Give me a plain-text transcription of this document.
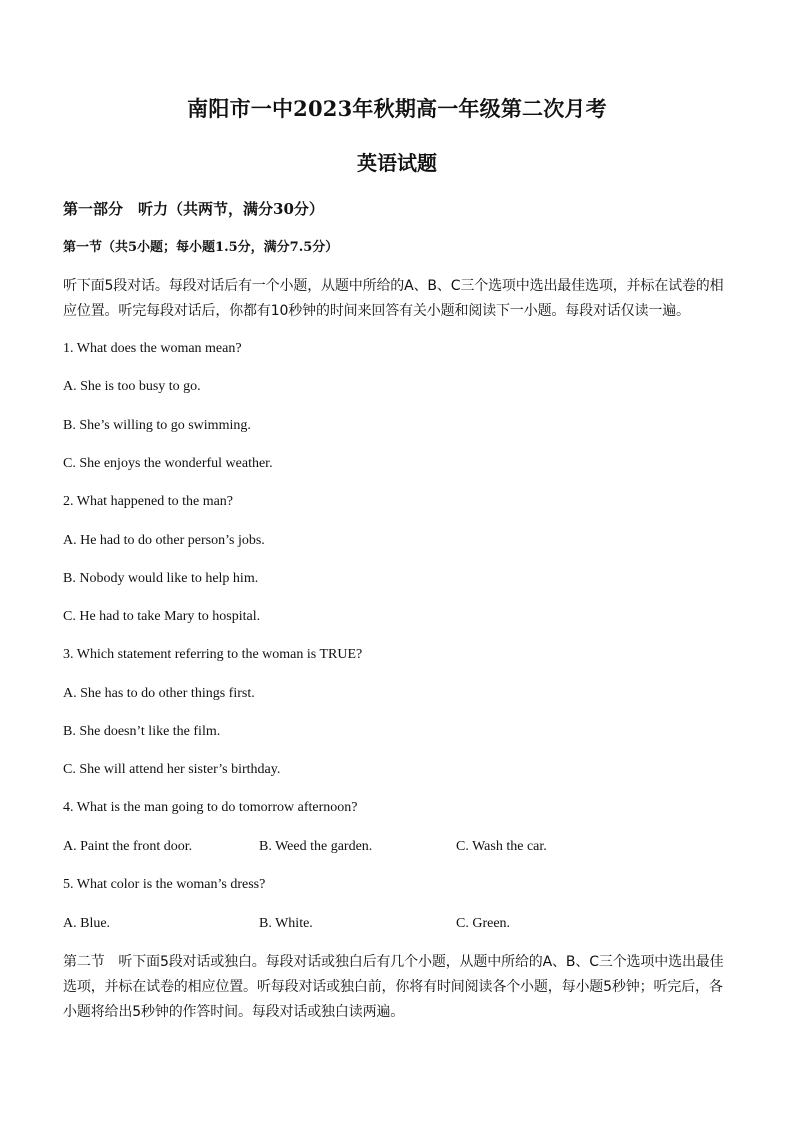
南阳市一中2023年秋期高一年级第二次月考
英语试题
第一部分　听力（共两节，满分30分）
第一节（共5小题；每小题1.5分，满分7.5分）
听下面5段对话。每段对话后有一个小题，从题中所给的A、B、C三个选项中选出最佳选项，并标在试卷的相
应位置。听完每段对话后，你都有10秒钟的时间来回答有关小题和阅读下一小题。每段对话仅读一遍。
1. What does the woman mean?
A. She is too busy to go.
B. She’s willing to go swimming.
C. She enjoys the wonderful weather.
2. What happened to the man?
A. He had to do other person’s jobs.
B. Nobody would like to help him.
C. He had to take Mary to hospital.
3. Which statement referring to the woman is TRUE?
A. She has to do other things first.
B. She doesn’t like the film.
C. She will attend her sister’s birthday.
4. What is the man going to do tomorrow afternoon?
A. Paint the front door.	B. Weed the garden.	C. Wash the car.
5. What color is the woman’s dress?
A. Blue.	B. White.	C. Green.
第二节　听下面5段对话或独白。每段对话或独白后有几个小题，从题中所给的A、B、C三个选项中选出最佳
选项，并标在试卷的相应位置。听每段对话或独白前，你将有时间阅读各个小题，每小题5秒钟；听完后，各
小题将给出5秒钟的作答时间。每段对话或独白读两遍。
